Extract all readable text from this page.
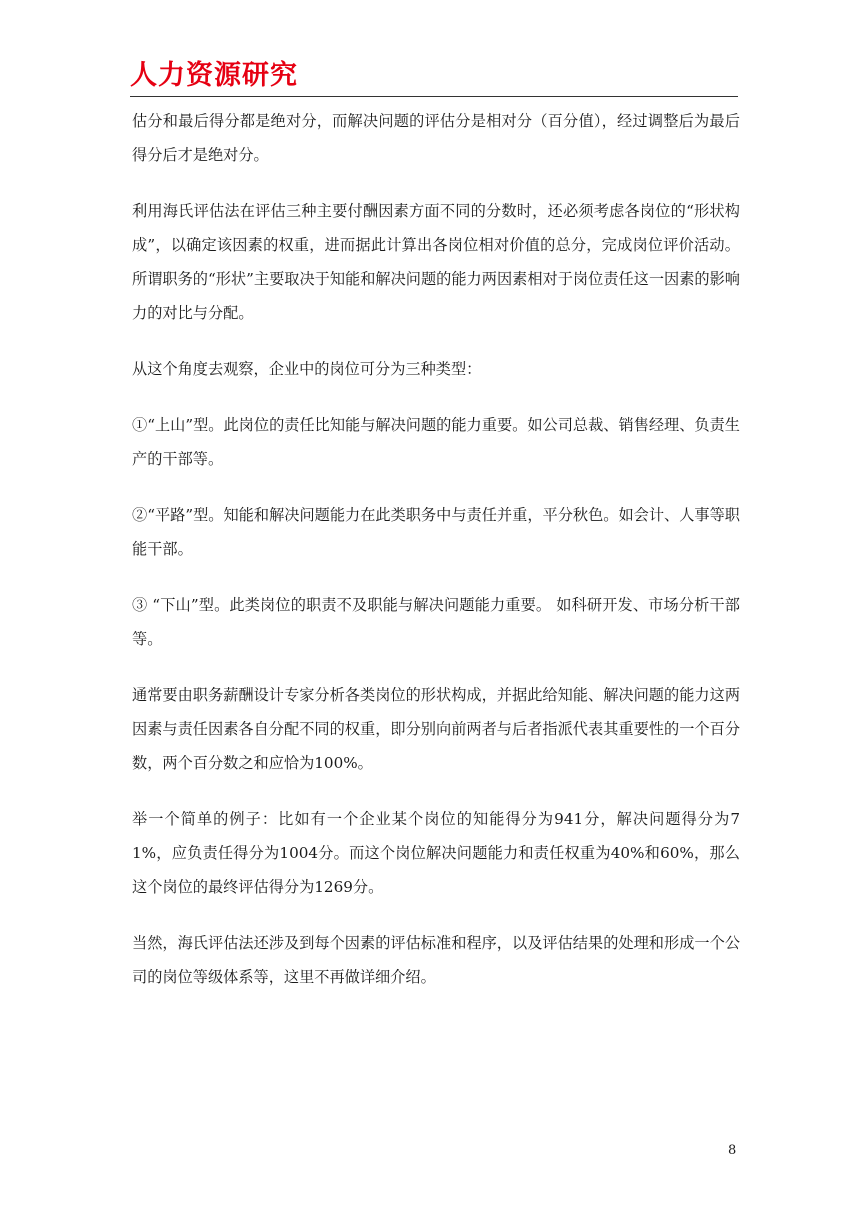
人力资源研究

估分和最后得分都是绝对分，而解决问题的评估分是相对分（百分值），经过调整后为最后得分后才是绝对分。

利用海氏评估法在评估三种主要付酬因素方面不同的分数时，还必须考虑各岗位的“形状构成”，以确定该因素的权重，进而据此计算出各岗位相对价值的总分，完成岗位评价活动。所谓职务的“形状”主要取决于知能和解决问题的能力两因素相对于岗位责任这一因素的影响力的对比与分配。

从这个角度去观察，企业中的岗位可分为三种类型：

①“上山”型。此岗位的责任比知能与解决问题的能力重要。如公司总裁、销售经理、负责生产的干部等。

②“平路”型。知能和解决问题能力在此类职务中与责任并重，平分秋色。如会计、人事等职能干部。

③ “下山”型。此类岗位的职责不及职能与解决问题能力重要。 如科研开发、市场分析干部等。

通常要由职务薪酬设计专家分析各类岗位的形状构成，并据此给知能、解决问题的能力这两因素与责任因素各自分配不同的权重，即分别向前两者与后者指派代表其重要性的一个百分数，两个百分数之和应恰为100%。

举一个简单的例子：比如有一个企业某个岗位的知能得分为941分，解决问题得分为71%，应负责任得分为1004分。而这个岗位解决问题能力和责任权重为40%和60%，那么这个岗位的最终评估得分为1269分。

当然，海氏评估法还涉及到每个因素的评估标准和程序，以及评估结果的处理和形成一个公司的岗位等级体系等，这里不再做详细介绍。

8
